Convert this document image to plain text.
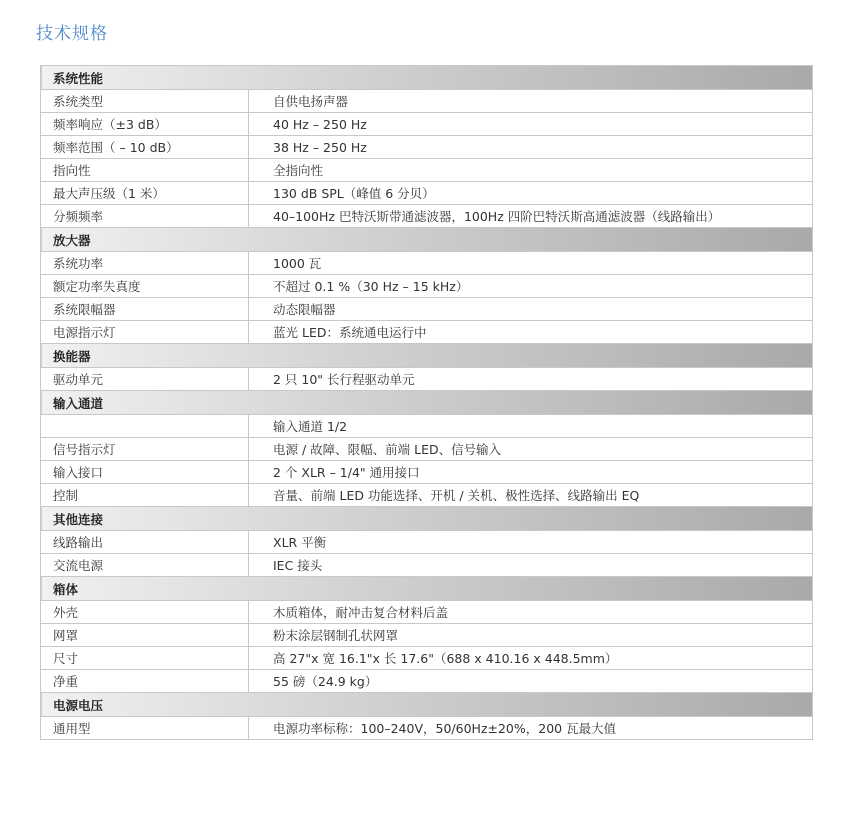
技术规格
系统性能	
系统类型	自供电扬声器
频率响应（±3 dB）	40 Hz – 250 Hz
频率范围（ – 10 dB）	38 Hz – 250 Hz
指向性	全指向性
最大声压级（1 米）	130 dB SPL（峰值 6 分贝）
分频频率	40–100Hz 巴特沃斯带通滤波器，100Hz 四阶巴特沃斯高通滤波器（线路输出）
放大器	
系统功率	1000 瓦
额定功率失真度	不超过 0.1 %（30 Hz – 15 kHz）
系统限幅器	动态限幅器
电源指示灯	蓝光 LED：系统通电运行中
换能器	
驱动单元	2 只 10" 长行程驱动单元
输入通道	
	输入通道 1/2
信号指示灯	电源 / 故障、限幅、前端 LED、信号输入
输入接口	2 个 XLR – 1/4" 通用接口
控制	音量、前端 LED 功能选择、开机 / 关机、极性选择、线路输出 EQ
其他连接	
线路输出	XLR 平衡
交流电源	IEC 接头
箱体	
外壳	木质箱体，耐冲击复合材料后盖
网罩	粉末涂层钢制孔状网罩
尺寸	高 27"x 宽 16.1"x 长 17.6"（688 x 410.16 x 448.5mm）
净重	55 磅（24.9 kg）
电源电压	
通用型	电源功率标称：100–240V，50/60Hz±20%，200 瓦最大值
